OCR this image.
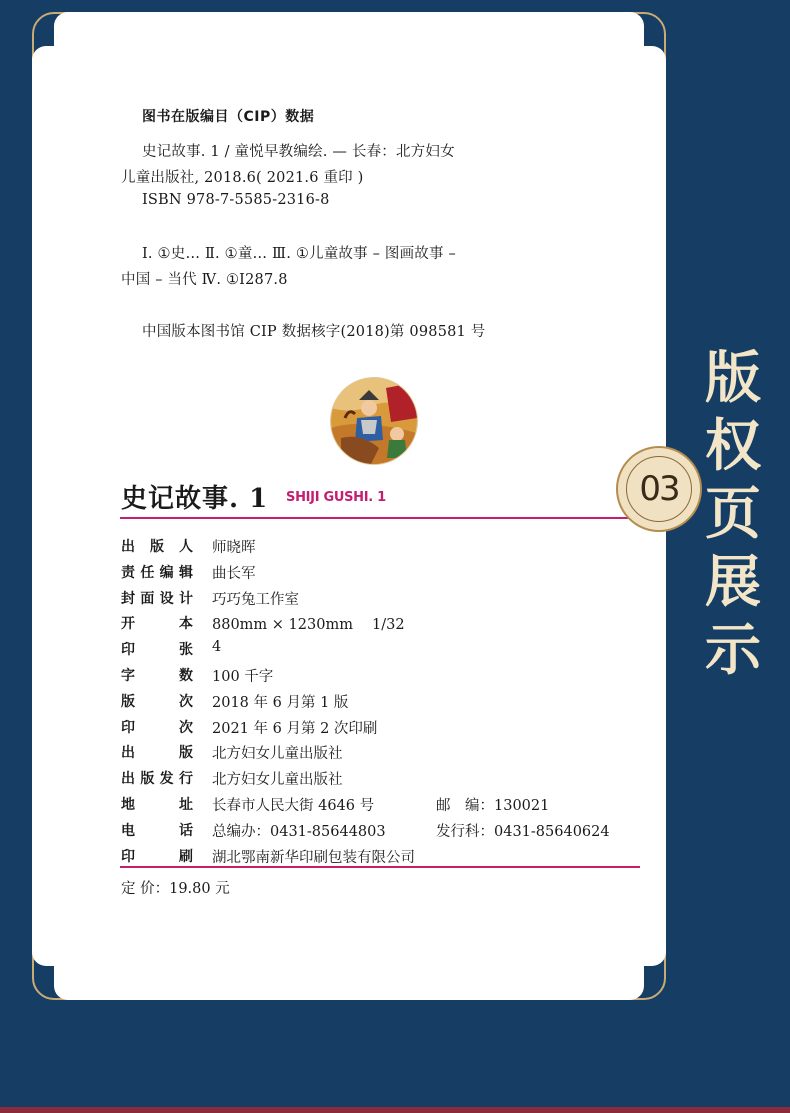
图书在版编目（CIP）数据
史记故事. 1 / 童悦早教编绘. — 长春：北方妇女
儿童出版社, 2018.6( 2021.6 重印 )
ISBN 978-7-5585-2316-8
Ⅰ. ①史… Ⅱ. ①童… Ⅲ. ①儿童故事 – 图画故事 –
中国 – 当代 Ⅳ. ①I287.8
中国版本图书馆 CIP 数据核字(2018)第 098581 号
史记故事. 1 SHIJI GUSHI. 1
出 版 人 师晓晖
责 任 编 辑 曲长军
封 面 设 计 巧巧兔工作室
开	本 880mm × 1230mm　 1/32
印	张 4
字	数 100 千字
版	次 2018 年 6 月第 1 版
印	次 2021 年 6 月第 2 次印刷
出	版 北方妇女儿童出版社
出 版 发 行 北方妇女儿童出版社
地	址 长春市人民大街 4646 号	邮　编：130021
电	话 总编办：0431-85644803	发行科：0431-85640624
印	刷 湖北鄂南新华印刷包装有限公司
定 价：19.80 元
03
版
权
页
展
示
